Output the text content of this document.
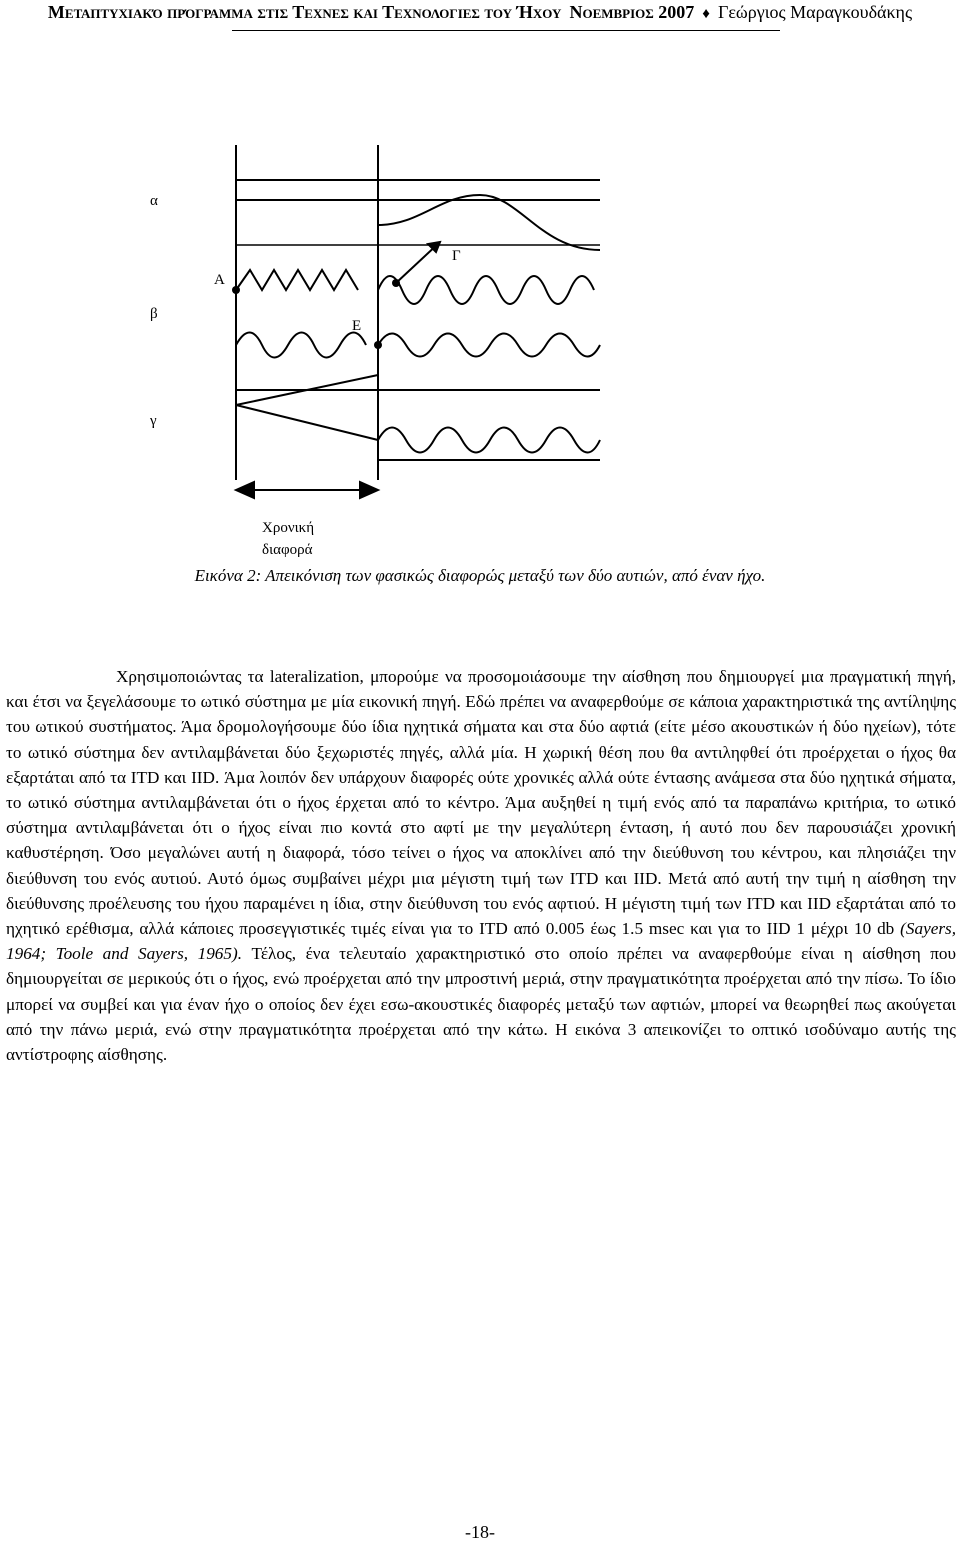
Μεταπτυχιακό πρόγραμμα στις Τεχνες και Τεχνολογιες του Ήχου Νοεμβριος 2007 ♦ Γεώργιος Μαραγκουδάκης
α
β
γ
Α
Ε
Γ
Χρονική
διαφορά
Εικόνα 2: Απεικόνιση των φασικώς διαφορώς μεταξύ των δύο αυτιών, από έναν ήχο.

Χρησιμοποιώντας τα lateralization, μπορούμε να προσομοιάσουμε την αίσθηση που δημιουργεί μια πραγματική πηγή, και έτσι να ξεγελάσουμε το ωτικό σύστημα με μία εικονική πηγή. Εδώ πρέπει να αναφερθούμε σε κάποια χαρακτηριστικά της αντίληψης του ωτικού συστήματος. Άμα δρομολογήσουμε δύο ίδια ηχητικά σήματα και στα δύο αφτιά (είτε μέσο ακουστικών ή δύο ηχείων), τότε το ωτικό σύστημα δεν αντιλαμβάνεται δύο ξεχωριστές πηγές, αλλά μία. Η χωρική θέση που θα αντιληφθεί ότι προέρχεται ο ήχος θα εξαρτάται από τα ITD και IID. Άμα λοιπόν δεν υπάρχουν διαφορές ούτε χρονικές αλλά ούτε έντασης ανάμεσα στα δύο ηχητικά σήματα, το ωτικό σύστημα αντιλαμβάνεται ότι ο ήχος έρχεται από το κέντρο. Άμα αυξηθεί η τιμή ενός από τα παραπάνω κριτήρια, το ωτικό σύστημα αντιλαμβάνεται ότι ο ήχος είναι πιο κοντά στο αφτί με την μεγαλύτερη ένταση, ή αυτό που δεν παρουσιάζει χρονική καθυστέρηση. Όσο μεγαλώνει αυτή η διαφορά, τόσο τείνει ο ήχος να αποκλίνει από την διεύθυνση του κέντρου, και πλησιάζει την διεύθυνση του ενός αυτιού. Αυτό όμως συμβαίνει μέχρι μια μέγιστη τιμή των ITD και IID. Μετά από αυτή την τιμή η αίσθηση την διεύθυνσης προέλευσης του ήχου παραμένει η ίδια, στην διεύθυνση του ενός αφτιού. Η μέγιστη τιμή των ITD και IID εξαρτάται από το ηχητικό ερέθισμα, αλλά κάποιες προσεγγιστικές τιμές είναι για το ITD από 0.005 έως 1.5 msec και για το IID 1 μέχρι 10 db (Sayers, 1964; Toole and Sayers, 1965). Τέλος, ένα τελευταίο χαρακτηριστικό στο οποίο πρέπει να αναφερθούμε είναι η αίσθηση που δημιουργείται σε μερικούς ότι ο ήχος, ενώ προέρχεται από την μπροστινή μεριά, στην πραγματικότητα προέρχεται από την πίσω. Το ίδιο μπορεί να συμβεί και για έναν ήχο ο οποίος δεν έχει εσω-ακουστικές διαφορές μεταξύ των αφτιών, μπορεί να θεωρηθεί πως ακούγεται από την πάνω μεριά, ενώ στην πραγματικότητα προέρχεται από την κάτω. Η εικόνα 3 απεικονίζει το οπτικό ισοδύναμο αυτής της αντίστροφης αίσθησης.

-18-
